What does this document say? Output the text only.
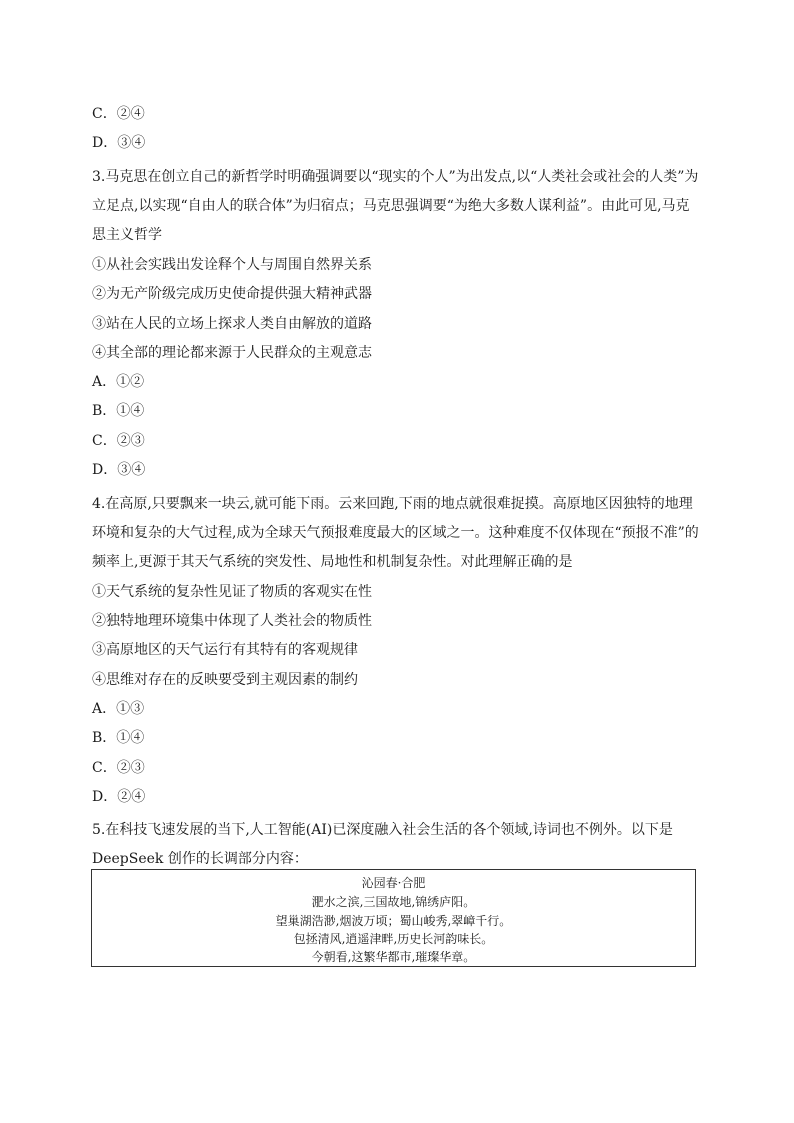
C．②④
D．③④
3.马克思在创立自己的新哲学时明确强调要以“现实的个人”为出发点,以“人类社会或社会的人类”为
立足点,以实现“自由人的联合体”为归宿点；马克思强调要“为绝大多数人谋利益”。由此可见,马克
思主义哲学
①从社会实践出发诠释个人与周围自然界关系
②为无产阶级完成历史使命提供强大精神武器
③站在人民的立场上探求人类自由解放的道路
④其全部的理论都来源于人民群众的主观意志
A．①②
B．①④
C．②③
D．③④
4.在高原,只要飘来一块云,就可能下雨。云来回跑,下雨的地点就很难捉摸。高原地区因独特的地理
环境和复杂的大气过程,成为全球天气预报难度最大的区域之一。这种难度不仅体现在“预报不准”的
频率上,更源于其天气系统的突发性、局地性和机制复杂性。对此理解正确的是
①天气系统的复杂性见证了物质的客观实在性
②独特地理环境集中体现了人类社会的物质性
③高原地区的天气运行有其特有的客观规律
④思维对存在的反映要受到主观因素的制约
A．①③
B．①④
C．②③
D．②④
5.在科技飞速发展的当下,人工智能(AI)已深度融入社会生活的各个领域,诗词也不例外。以下是
DeepSeek 创作的长调部分内容：
沁园春·合肥
淝水之滨,三国故地,锦绣庐阳。
望巢湖浩渺,烟波万顷；蜀山峻秀,翠嶂千行。
包拯清风,逍遥津畔,历史长河韵味长。
今朝看,这繁华都市,璀璨华章。
